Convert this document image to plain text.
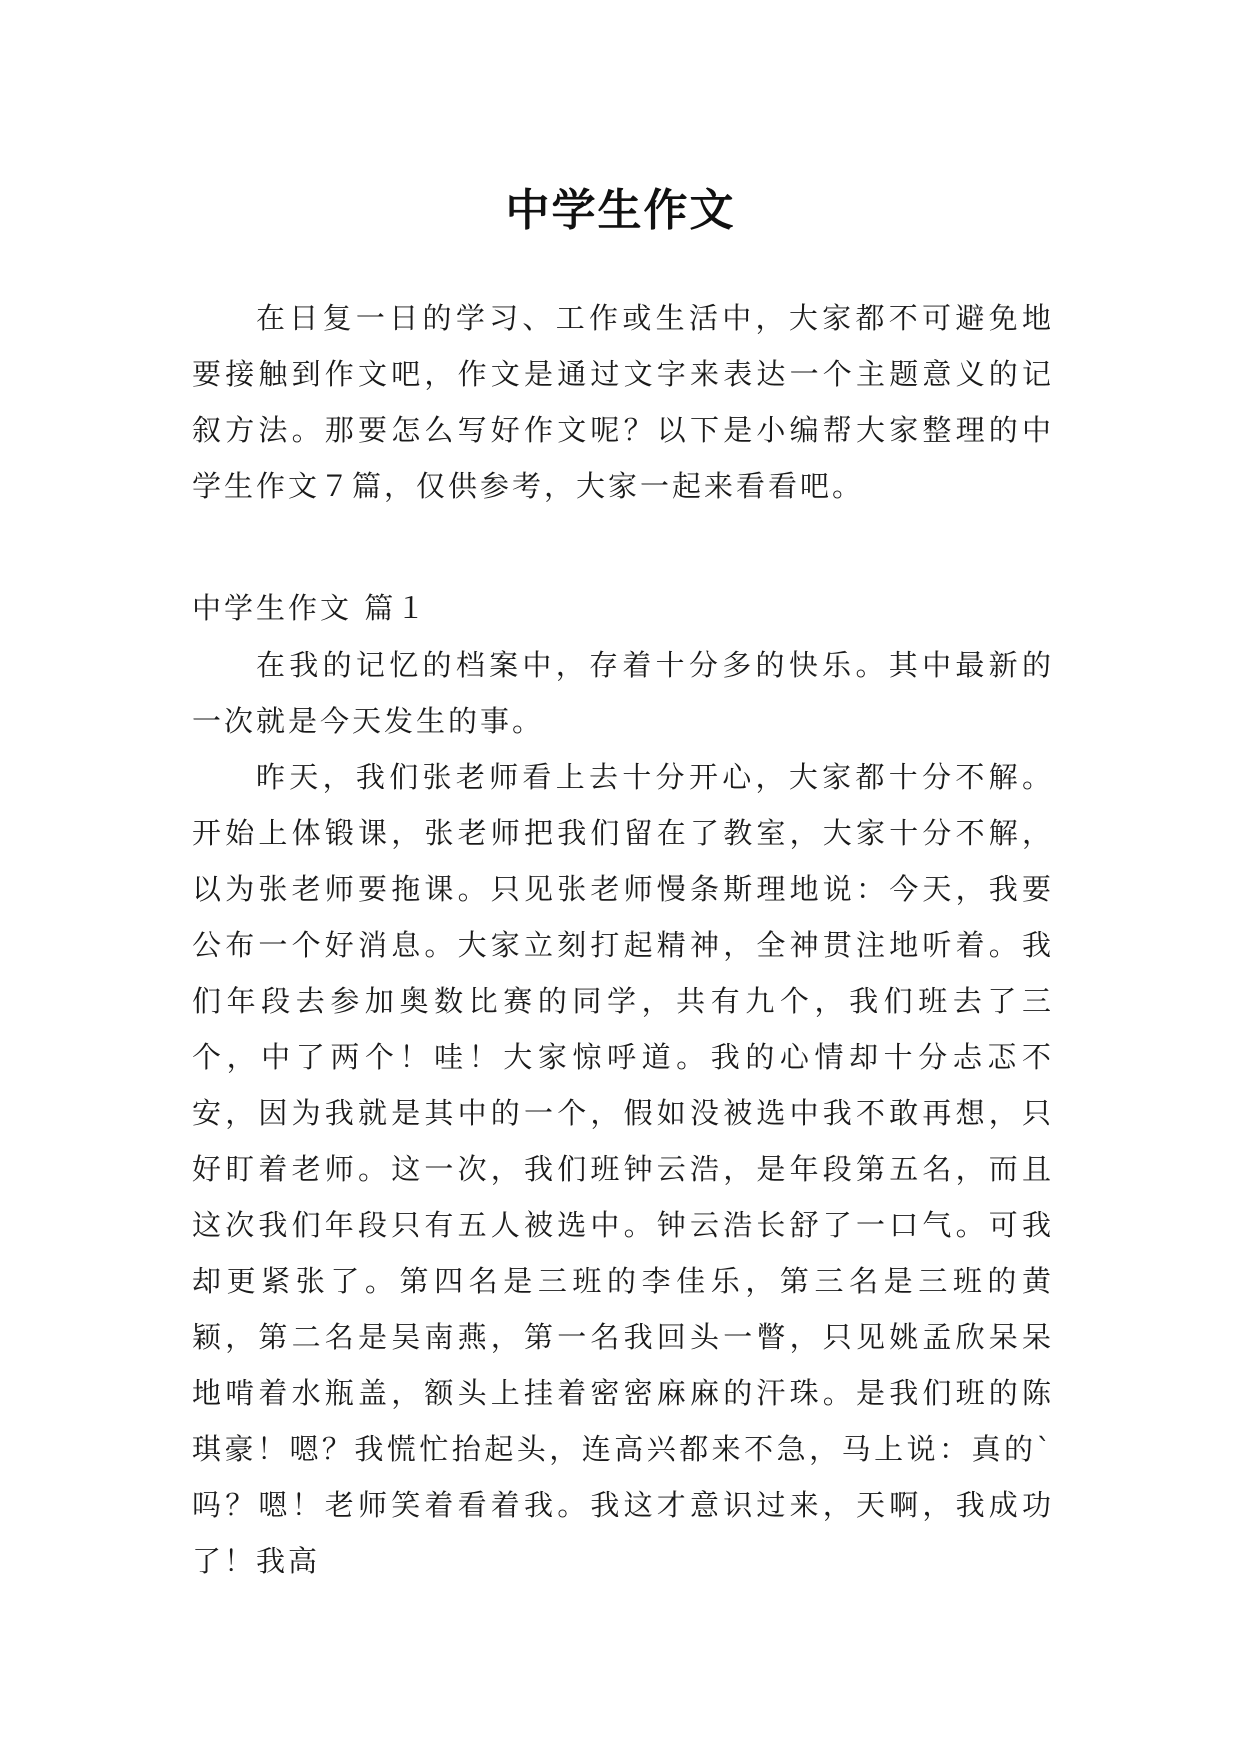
中学生作文

在日复一日的学习、工作或生活中，大家都不可避免地要接触到作文吧，作文是通过文字来表达一个主题意义的记叙方法。那要怎么写好作文呢？以下是小编帮大家整理的中学生作文７篇，仅供参考，大家一起来看看吧。

中学生作文 篇１

在我的记忆的档案中，存着十分多的快乐。其中最新的一次就是今天发生的事。

昨天，我们张老师看上去十分开心，大家都十分不解。开始上体锻课，张老师把我们留在了教室，大家十分不解，以为张老师要拖课。只见张老师慢条斯理地说：今天，我要公布一个好消息。大家立刻打起精神，全神贯注地听着。我们年段去参加奥数比赛的同学，共有九个，我们班去了三个，中了两个！哇！大家惊呼道。我的心情却十分忐忑不安，因为我就是其中的一个，假如没被选中我不敢再想，只好盯着老师。这一次，我们班钟云浩，是年段第五名，而且这次我们年段只有五人被选中。钟云浩长舒了一口气。可我却更紧张了。第四名是三班的李佳乐，第三名是三班的黄颖，第二名是吴南燕，第一名我回头一瞥，只见姚孟欣呆呆地啃着水瓶盖，额头上挂着密密麻麻的汗珠。是我们班的陈琪豪！嗯？我慌忙抬起头，连高兴都来不急，马上说：真的`吗？嗯！老师笑着看着我。我这才意识过来，天啊，我成功了！我高
